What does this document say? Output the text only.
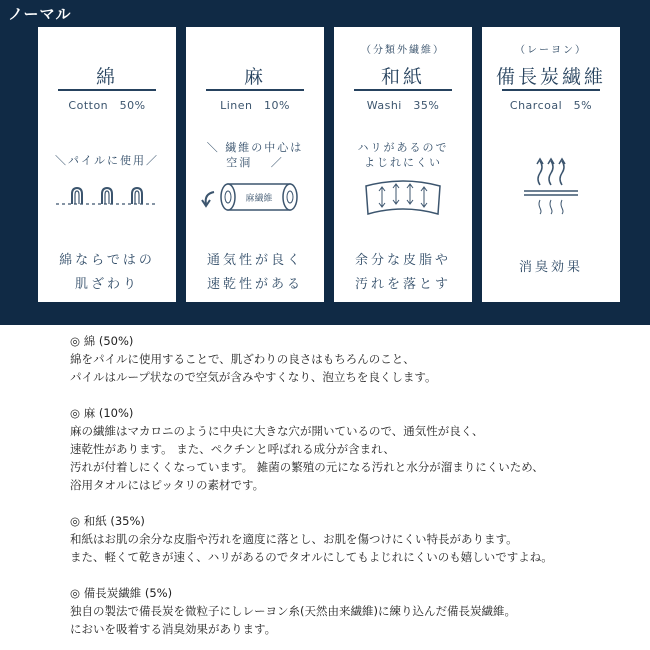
ノーマル
綿
Cotton　50%
＼パイルに使用／
綿ならではの
肌ざわり
麻
Linen　10%
＼ 繊維の中心は
空洞　 ／
麻繊維
通気性が良く
速乾性がある
（分類外繊維）
和紙
Washi　35%
ハリがあるので
よじれにくい
余分な皮脂や
汚れを落とす
（レーヨン）
備長炭繊維
Charcoal　5%
消臭効果

◎ 綿 (50%)

綿をパイルに使用することで、肌ざわりの良さはもちろんのこと、

パイルはループ状なので空気が含みやすくなり、泡立ちを良くします。

◎ 麻 (10%)

麻の繊維はマカロニのように中央に大きな穴が開いているので、通気性が良く、

速乾性があります。 また、ペクチンと呼ばれる成分が含まれ、

汚れが付着しにくくなっています。 雑菌の繁殖の元になる汚れと水分が溜まりにくいため、

浴用タオルにはピッタリの素材です。

◎ 和紙 (35%)

和紙はお肌の余分な皮脂や汚れを適度に落とし、お肌を傷つけにくい特長があります。

また、軽くて乾きが速く、ハリがあるのでタオルにしてもよじれにくいのも嬉しいですよね。

◎ 備長炭繊維 (5%)

独自の製法で備長炭を微粒子にしレーヨン糸(天然由来繊維)に練り込んだ備長炭繊維。

においを吸着する消臭効果があります。
